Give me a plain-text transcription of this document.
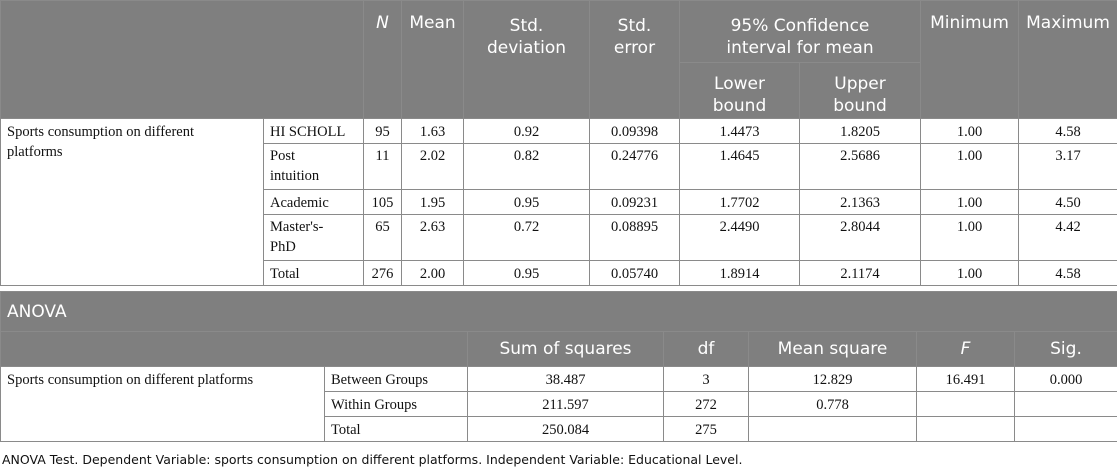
		N	Mean	Std. deviation	Std. error	95% Confidence interval for mean		Minimum	Maximum
						Lower bound	Upper bound		
Sports consumption on different platforms	HI SCHOLL	95	1.63	0.92	0.09398	1.4473	1.8205	1.00	4.58
	Post intuition	11	2.02	0.82	0.24776	1.4645	2.5686	1.00	3.17
	Academic	105	1.95	0.95	0.09231	1.7702	2.1363	1.00	4.50
	Master's-PhD	65	2.63	0.72	0.08895	2.4490	2.8044	1.00	4.42
	Total	276	2.00	0.95	0.05740	1.8914	2.1174	1.00	4.58
ANOVA						
		Sum of squares	df	Mean square	F	Sig.
Sports consumption on different platforms	Between Groups	38.487	3	12.829	16.491	0.000
	Within Groups	211.597	272	0.778		
	Total	250.084	275			
ANOVA Test. Dependent Variable: sports consumption on different platforms. Independent Variable: Educational Level.
